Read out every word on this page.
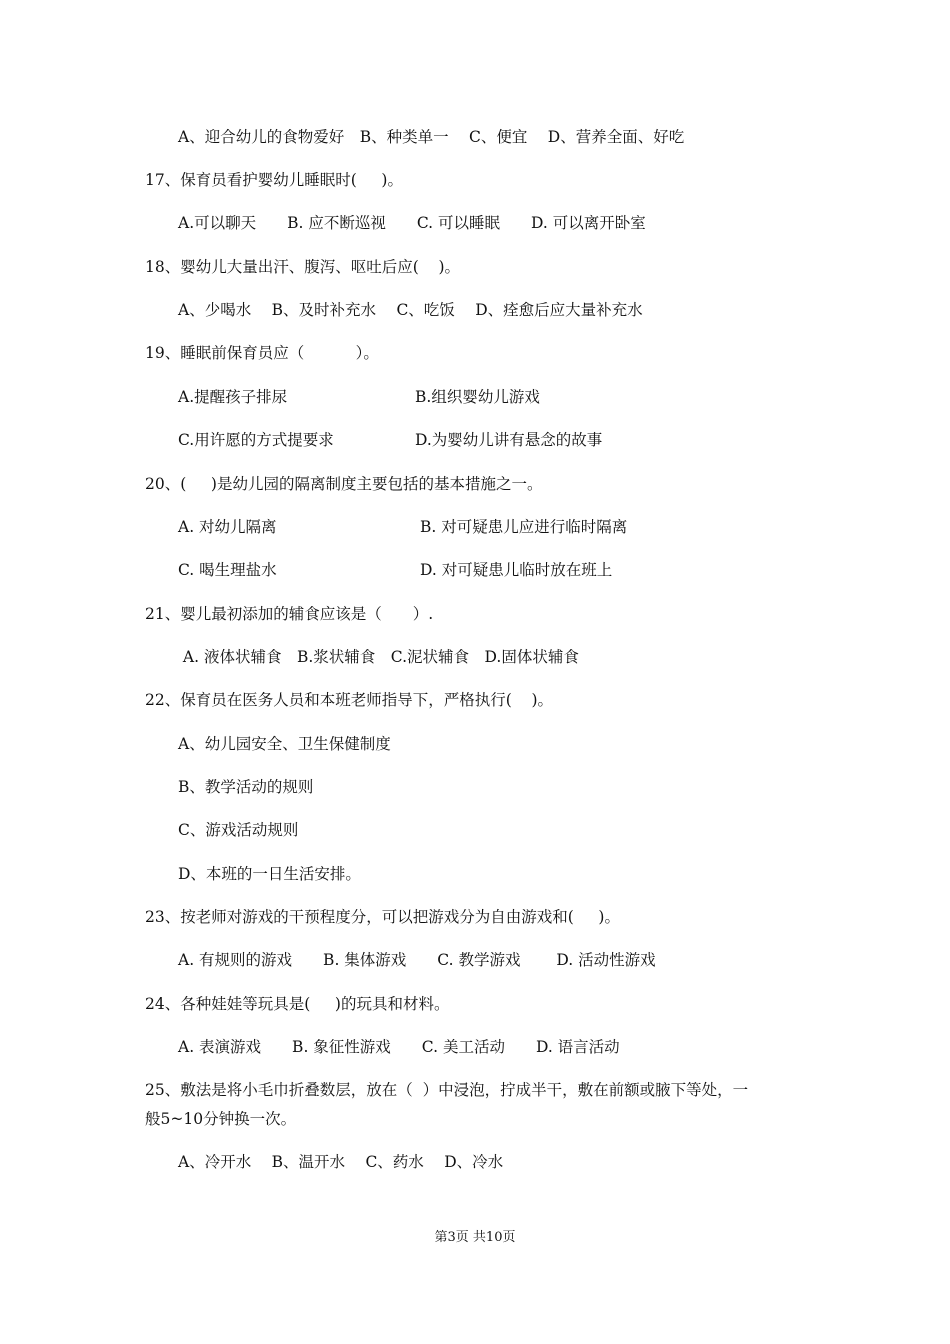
A、迎合幼儿的食物爱好　B、种类单一　 C、便宜　 D、营养全面、好吃
17、保育员看护婴幼儿睡眠时(     )。
A.可以聊天　　B. 应不断巡视　　C. 可以睡眠　　D. 可以离开卧室
18、婴幼儿大量出汗、腹泻、呕吐后应(    )。
A、少喝水　 B、及时补充水　 C、吃饭　 D、痊愈后应大量补充水
19、睡眠前保育员应（　　　 ）。
A.提醒孩子排尿	B.组织婴幼儿游戏
C.用许愿的方式提要求	D.为婴幼儿讲有悬念的故事
20、(     )是幼儿园的隔离制度主要包括的基本措施之一。
A. 对幼儿隔离	B. 对可疑患儿应进行临时隔离
C. 喝生理盐水	D. 对可疑患儿临时放在班上
21、婴儿最初添加的辅食应该是（　　）.
A. 液体状辅食　B.浆状辅食　C.泥状辅食　D.固体状辅食
22、保育员在医务人员和本班老师指导下，严格执行(    )。
A、幼儿园安全、卫生保健制度
B、教学活动的规则
C、游戏活动规则
D、本班的一日生活安排。
23、按老师对游戏的干预程度分，可以把游戏分为自由游戏和(     )。
A. 有规则的游戏　　B. 集体游戏　　C. 教学游戏　　 D. 活动性游戏
24、各种娃娃等玩具是(     )的玩具和材料。
A. 表演游戏　　B. 象征性游戏　　C. 美工活动　　D. 语言活动
25、敷法是将小毛巾折叠数层，放在（  ）中浸泡，拧成半干，敷在前额或腋下等处，一
般5~10分钟换一次。
A、冷开水　 B、温开水　 C、药水　 D、冷水
第3页 共10页
